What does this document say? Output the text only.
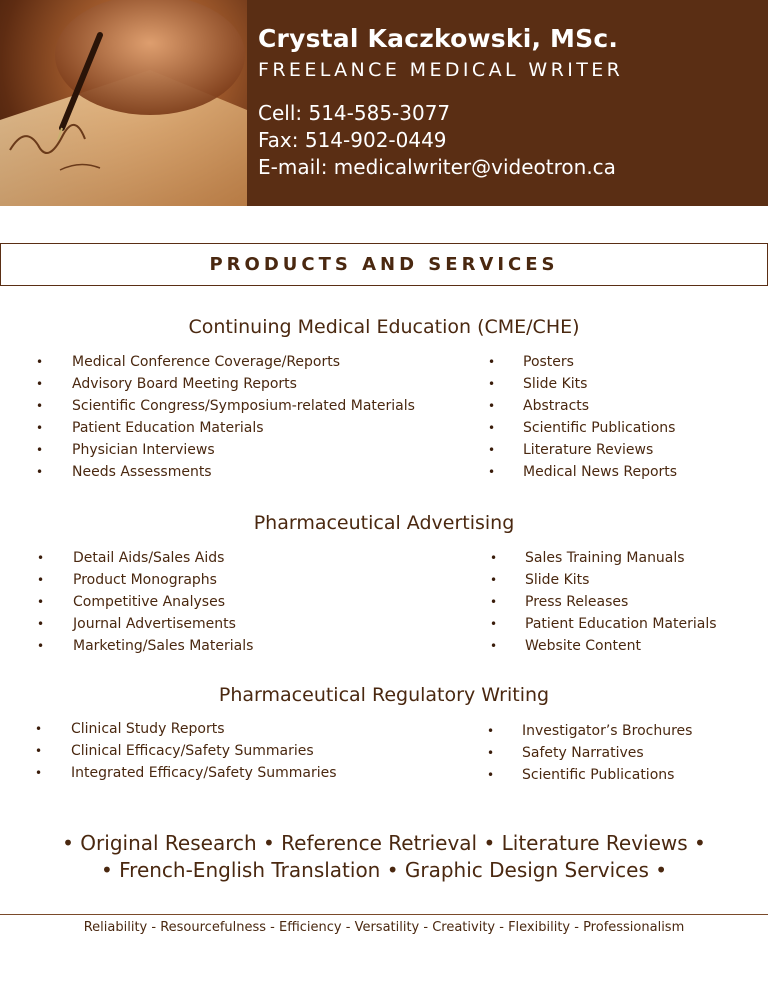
Crystal Kaczkowski, MSc.
FREELANCE MEDICAL WRITER
Cell: 514-585-3077
Fax: 514-902-0449
E-mail: medicalwriter@videotron.ca
PRODUCTS AND SERVICES
Continuing Medical Education (CME/CHE)
• Medical Conference Coverage/Reports
• Advisory Board Meeting Reports
• Scientific Congress/Symposium-related Materials
• Patient Education Materials
• Physician Interviews
• Needs Assessments
• Posters
• Slide Kits
• Abstracts
• Scientific Publications
• Literature Reviews
• Medical News Reports
Pharmaceutical Advertising
• Detail Aids/Sales Aids
• Product Monographs
• Competitive Analyses
• Journal Advertisements
• Marketing/Sales Materials
• Sales Training Manuals
• Slide Kits
• Press Releases
• Patient Education Materials
• Website Content
Pharmaceutical Regulatory Writing
• Clinical Study Reports
• Clinical Efficacy/Safety Summaries
• Integrated Efficacy/Safety Summaries
• Investigator’s Brochures
• Safety Narratives
• Scientific Publications
• Original Research • Reference Retrieval • Literature Reviews •
• French-English Translation • Graphic Design Services •
Reliability - Resourcefulness - Efficiency - Versatility - Creativity - Flexibility - Professionalism
